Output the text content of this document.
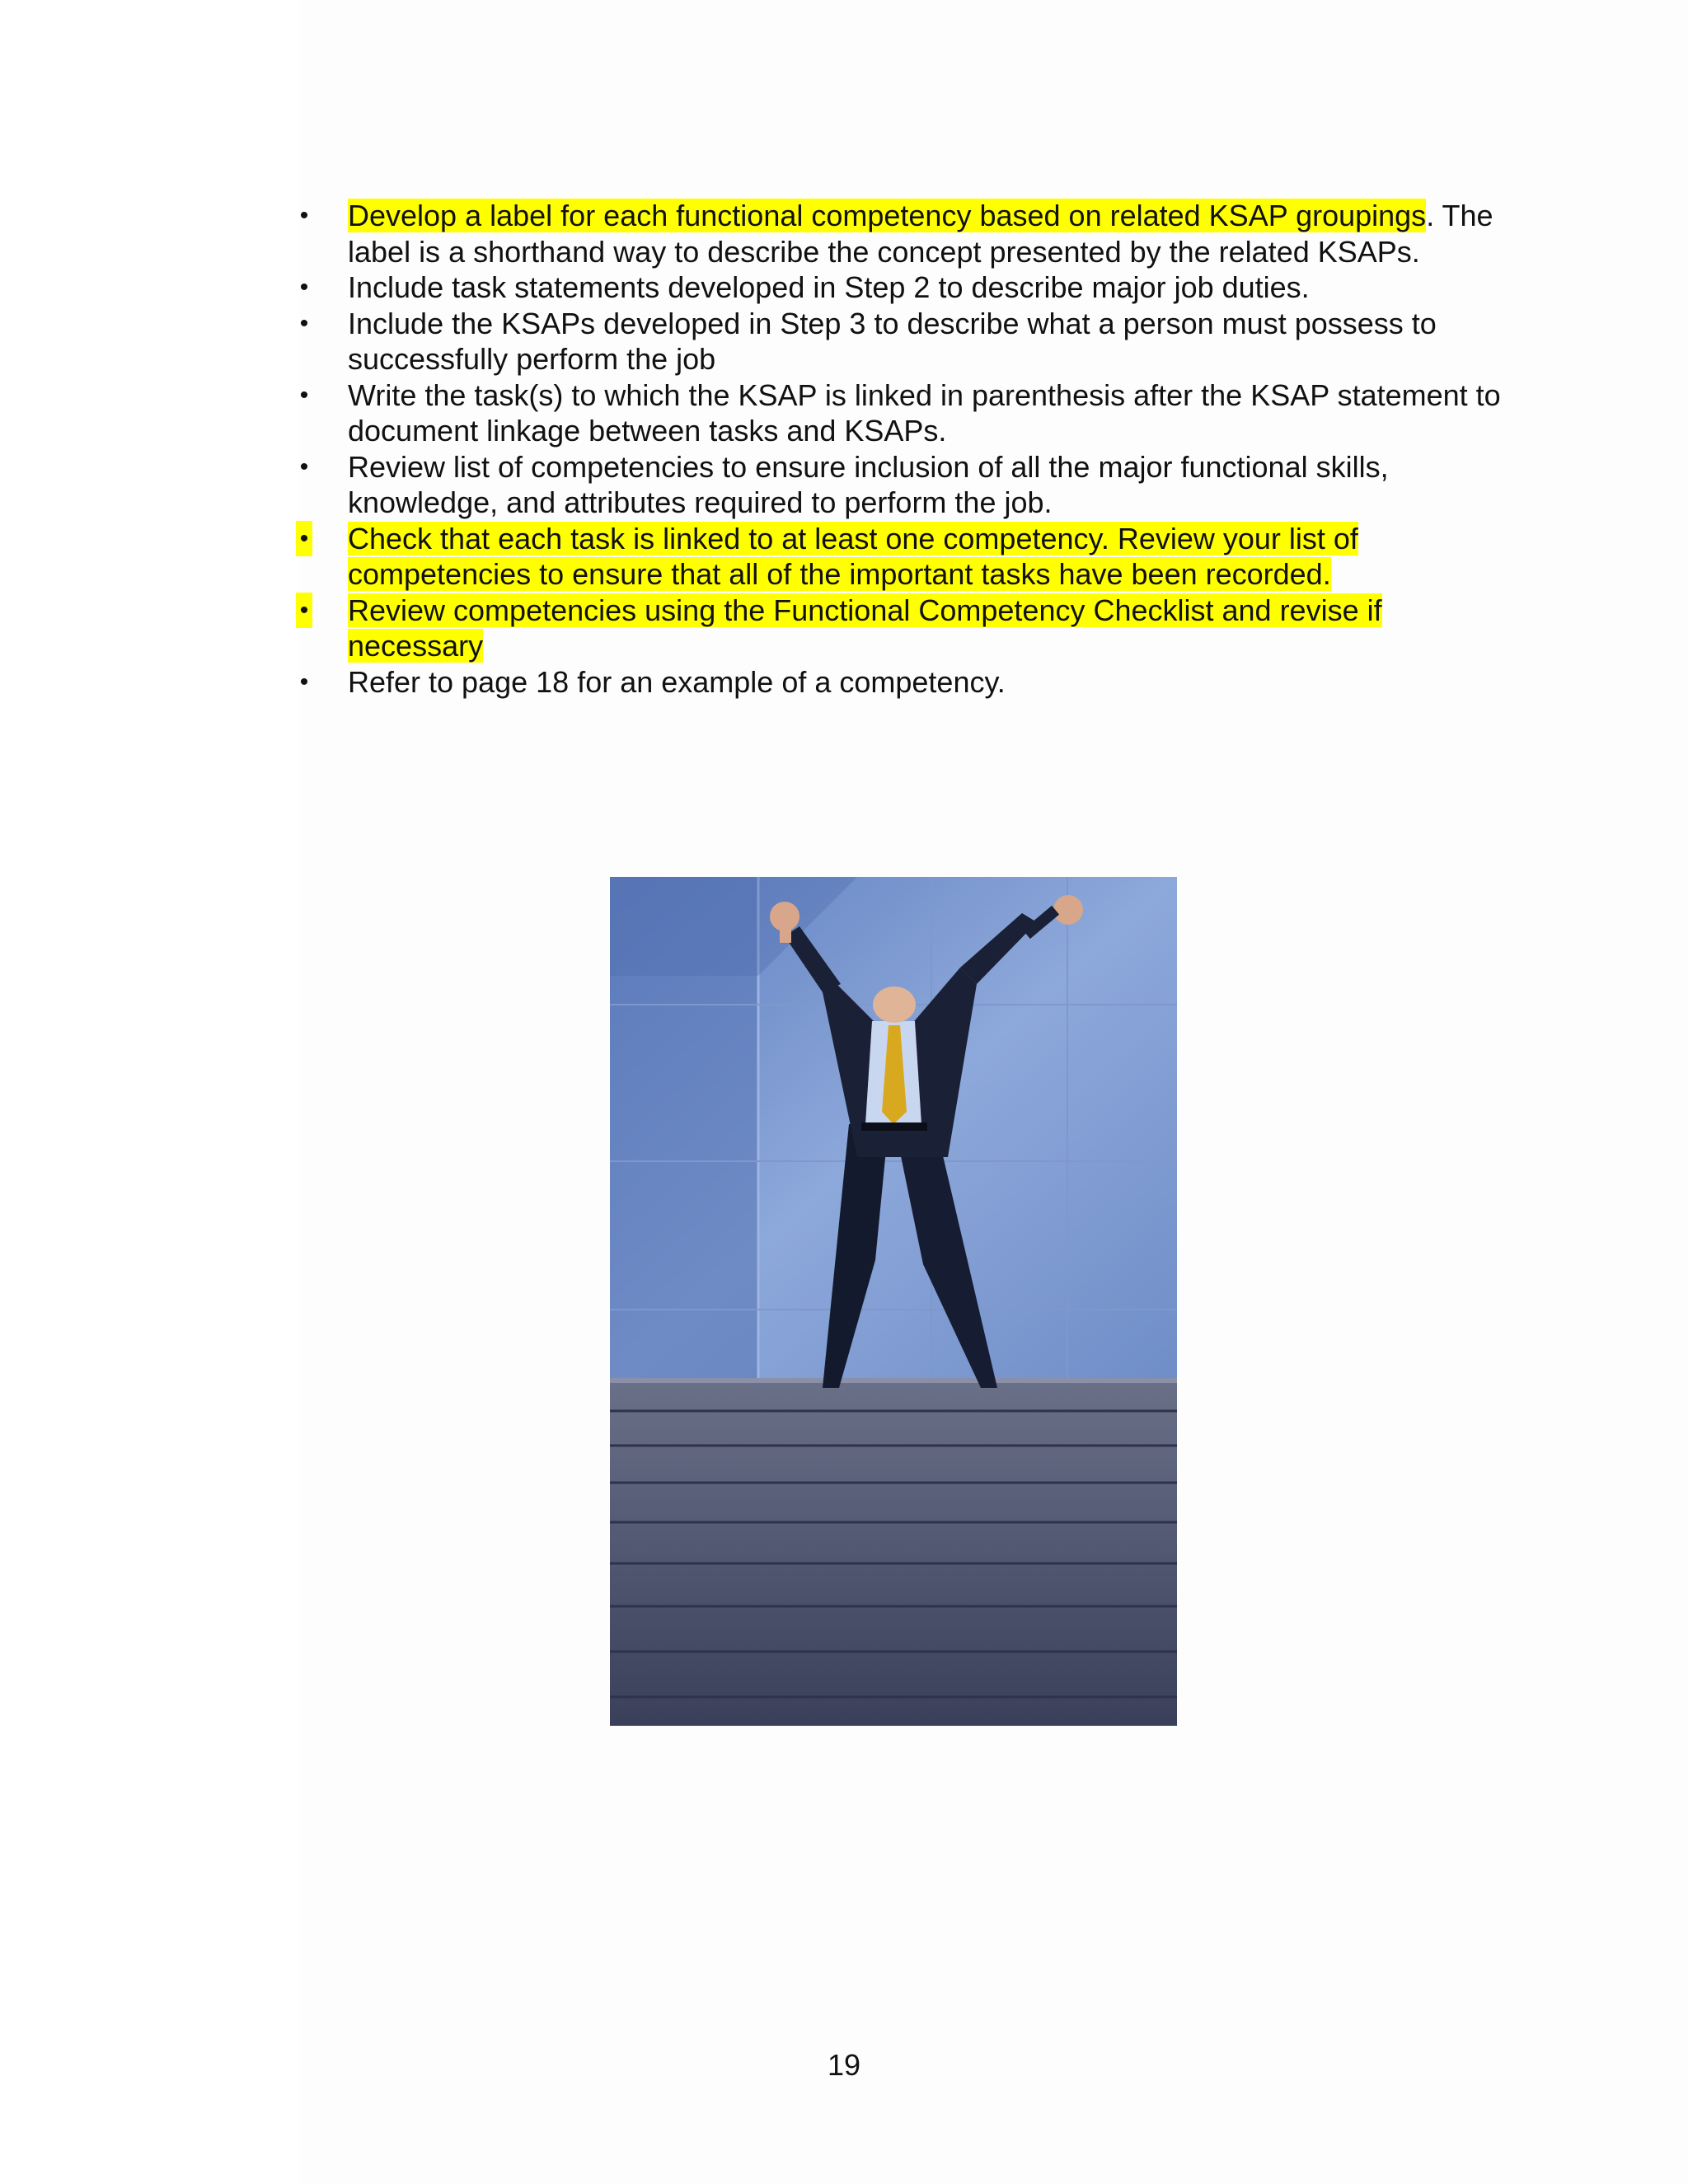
• Develop a label for each functional competency based on related KSAP groupings. The label is a shorthand way to describe the concept presented by the related KSAPs.
• Include task statements developed in Step 2 to describe major job duties.
• Include the KSAPs developed in Step 3 to describe what a person must possess to successfully perform the job
• Write the task(s) to which the KSAP is linked in parenthesis after the KSAP statement to document linkage between tasks and KSAPs.
• Review list of competencies to ensure inclusion of all the major functional skills, knowledge, and attributes required to perform the job.
• Check that each task is linked to at least one competency. Review your list of competencies to ensure that all of the important tasks have been recorded.
• Review competencies using the Functional Competency Checklist and revise if necessary
• Refer to page 18 for an example of a competency.
19
